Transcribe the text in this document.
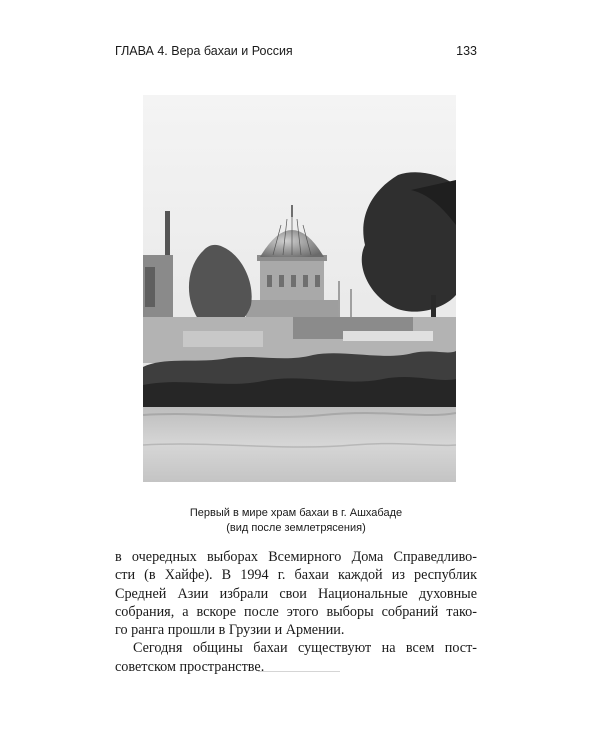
ГЛАВА 4. Вера бахаи и Россия	133
Первый в мире храм бахаи в г. Ашхабаде
(вид после землетрясения)

в очередных выборах Всемирного Дома Справедливо-
сти (в Хайфе). В 1994 г. бахаи каждой из республик
Средней Азии избрали свои Национальные духовные
собрания, а вскоре после этого выборы собраний тако-
го ранга прошли в Грузии и Армении.

Сегодня общины бахаи существуют на всем пост-
советском пространстве.
